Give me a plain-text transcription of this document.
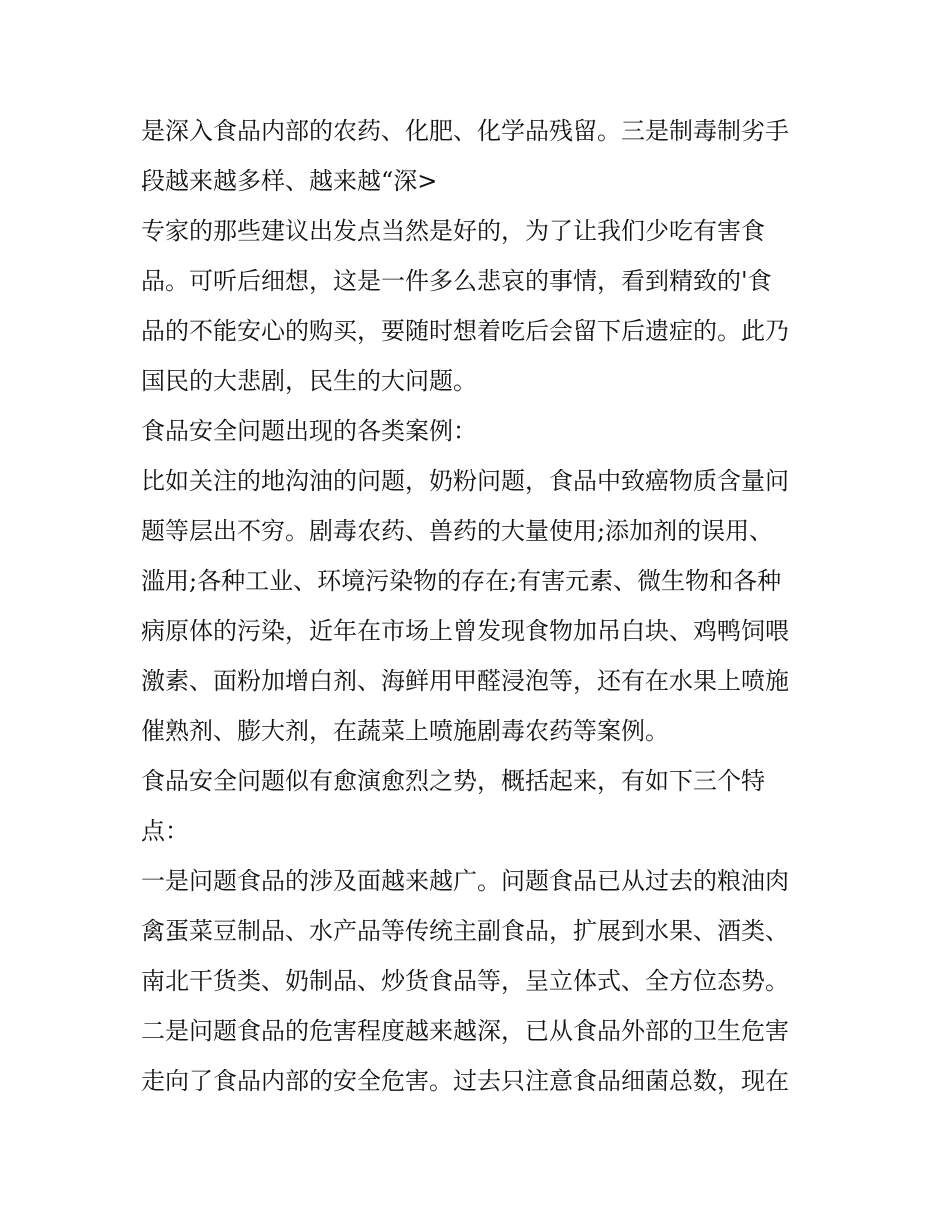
是深入食品内部的农药、化肥、化学品残留。三是制毒制劣手
段越来越多样、越来越“深>
专家的那些建议出发点当然是好的，为了让我们少吃有害食
品。可听后细想，这是一件多么悲哀的事情，看到精致的'食
品的不能安心的购买，要随时想着吃后会留下后遗症的。此乃
国民的大悲剧，民生的大问题。
食品安全问题出现的各类案例：
比如关注的地沟油的问题，奶粉问题，食品中致癌物质含量问
题等层出不穷。剧毒农药、兽药的大量使用;添加剂的误用、
滥用;各种工业、环境污染物的存在;有害元素、微生物和各种
病原体的污染，近年在市场上曾发现食物加吊白块、鸡鸭饲喂
激素、面粉加增白剂、海鲜用甲醛浸泡等，还有在水果上喷施
催熟剂、膨大剂，在蔬菜上喷施剧毒农药等案例。
食品安全问题似有愈演愈烈之势，概括起来，有如下三个特
点：
一是问题食品的涉及面越来越广。问题食品已从过去的粮油肉
禽蛋菜豆制品、水产品等传统主副食品，扩展到水果、酒类、
南北干货类、奶制品、炒货食品等，呈立体式、全方位态势。
二是问题食品的危害程度越来越深，已从食品外部的卫生危害
走向了食品内部的安全危害。过去只注意食品细菌总数，现在
